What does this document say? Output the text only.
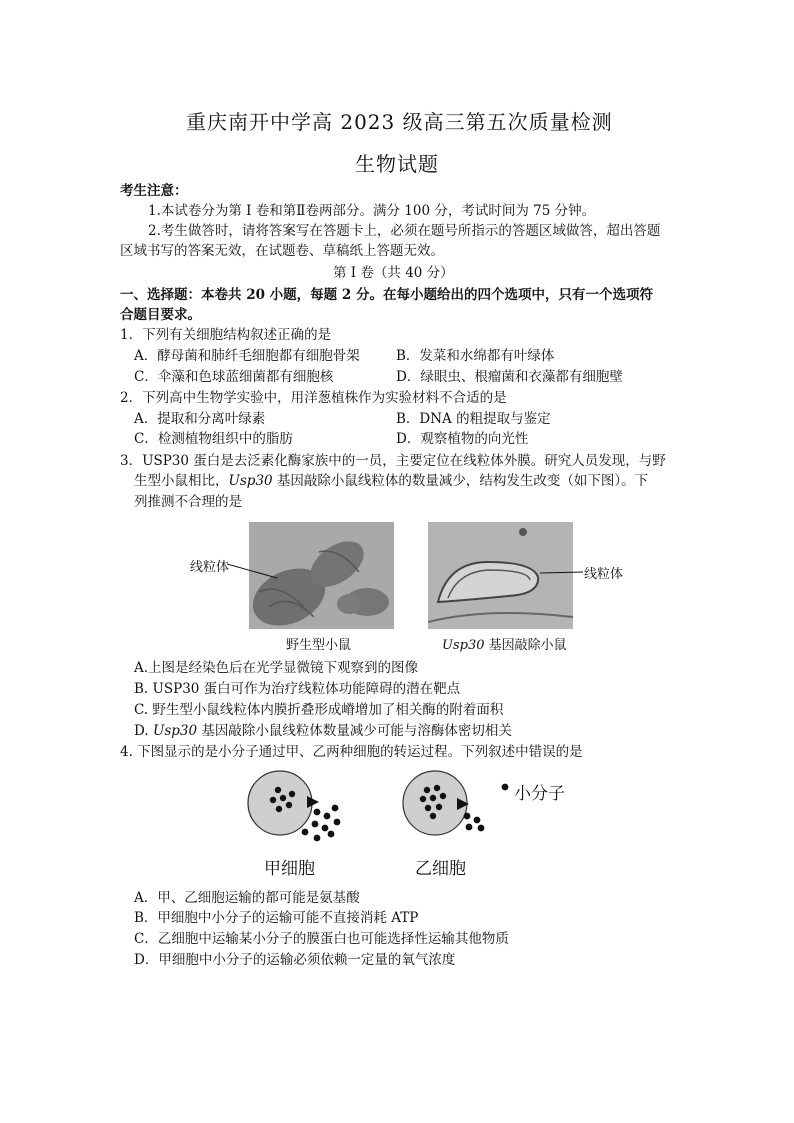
重庆南开中学高 2023 级高三第五次质量检测
生物试题
考生注意：
1.本试卷分为第 I 卷和第Ⅱ卷两部分。满分 100 分，考试时间为 75 分钟。
2.考生做答时，请将答案写在答题卡上，必须在题号所指示的答题区域做答，超出答题
区域书写的答案无效，在试题卷、草稿纸上答题无效。
第 I 卷（共 40 分）
一、选择题：本卷共 20 小题，每题 2 分。在每小题给出的四个选项中，只有一个选项符
合题目要求。
1．下列有关细胞结构叙述正确的是
A．酵母菌和肺纤毛细胞都有细胞骨架	B．发菜和水绵都有叶绿体
C．伞藻和色球蓝细菌都有细胞核	D．绿眼虫、根瘤菌和衣藻都有细胞壁
2．下列高中生物学实验中，用洋葱植株作为实验材料不合适的是
A．提取和分离叶绿素	B．DNA 的粗提取与鉴定
C．检测植物组织中的脂肪	D．观察植物的向光性
3．USP30 蛋白是去泛素化酶家族中的一员，主要定位在线粒体外膜。研究人员发现，与野
生型小鼠相比，Usp30 基因敲除小鼠线粒体的数量减少，结构发生改变（如下图）。下
列推测不合理的是
线粒体	线粒体
野生型小鼠	Usp30 基因敲除小鼠
A.上图是经染色后在光学显微镜下观察到的图像
B. USP30 蛋白可作为治疗线粒体功能障碍的潜在靶点
C. 野生型小鼠线粒体内膜折叠形成嵴增加了相关酶的附着面积
D. Usp30 基因敲除小鼠线粒体数量减少可能与溶酶体密切相关
4. 下图显示的是小分子通过甲、乙两种细胞的转运过程。下列叙述中错误的是
小分子
甲细胞	乙细胞
A．甲、乙细胞运输的都可能是氨基酸
B．甲细胞中小分子的运输可能不直接消耗 ATP
C．乙细胞中运输某小分子的膜蛋白也可能选择性运输其他物质
D．甲细胞中小分子的运输必须依赖一定量的氧气浓度
